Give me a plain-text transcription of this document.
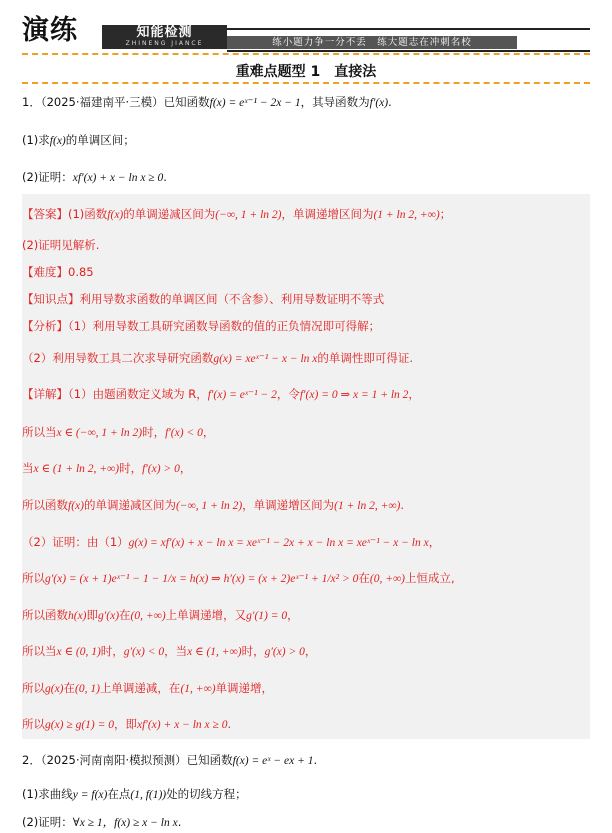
演练	知能检测
ZHINENG JIANCE	练小题力争一分不丢　练大题志在冲刺名校
重难点题型 1　直接法
1．（2025·福建南平·三模）已知函数f(x) = eˣ⁻¹ − 2x − 1，其导函数为f′(x).
(1)求f(x)的单调区间；
(2)证明：xf′(x) + x − ln x ≥ 0.
【答案】(1)函数f(x)的单调递减区间为(−∞, 1 + ln 2)，单调递增区间为(1 + ln 2, +∞)；
(2)证明见解析.
【难度】0.85
【知识点】利用导数求函数的单调区间（不含参）、利用导数证明不等式
【分析】（1）利用导数工具研究函数导函数的值的正负情况即可得解；
（2）利用导数工具二次求导研究函数g(x) = xeˣ⁻¹ − x − ln x的单调性即可得证.
【详解】（1）由题函数定义域为 R，f′(x) = eˣ⁻¹ − 2，令f′(x) = 0 ⇒ x = 1 + ln 2，
所以当x ∈ (−∞, 1 + ln 2)时，f′(x) < 0，
当x ∈ (1 + ln 2, +∞)时，f′(x) > 0，
所以函数f(x)的单调递减区间为(−∞, 1 + ln 2)，单调递增区间为(1 + ln 2, +∞).
（2）证明：由（1）g(x) = xf′(x) + x − ln x = xeˣ⁻¹ − 2x + x − ln x = xeˣ⁻¹ − x − ln x，
所以g′(x) = (x + 1)eˣ⁻¹ − 1 − 1/x = h(x) ⇒ h′(x) = (x + 2)eˣ⁻¹ + 1/x² > 0在(0, +∞)上恒成立,
所以函数h(x)即g′(x)在(0, +∞)上单调递增，又g′(1) = 0，
所以当x ∈ (0, 1)时，g′(x) < 0，当x ∈ (1, +∞)时，g′(x) > 0，
所以g(x)在(0, 1)上单调递减，在(1, +∞)单调递增，
所以g(x) ≥ g(1) = 0，即xf′(x) + x − ln x ≥ 0.
2．（2025·河南南阳·模拟预测）已知函数f(x) = eˣ − ex + 1.
(1)求曲线y = f(x)在点(1, f(1))处的切线方程；
(2)证明：∀x ≥ 1，f(x) ≥ x − ln x.
